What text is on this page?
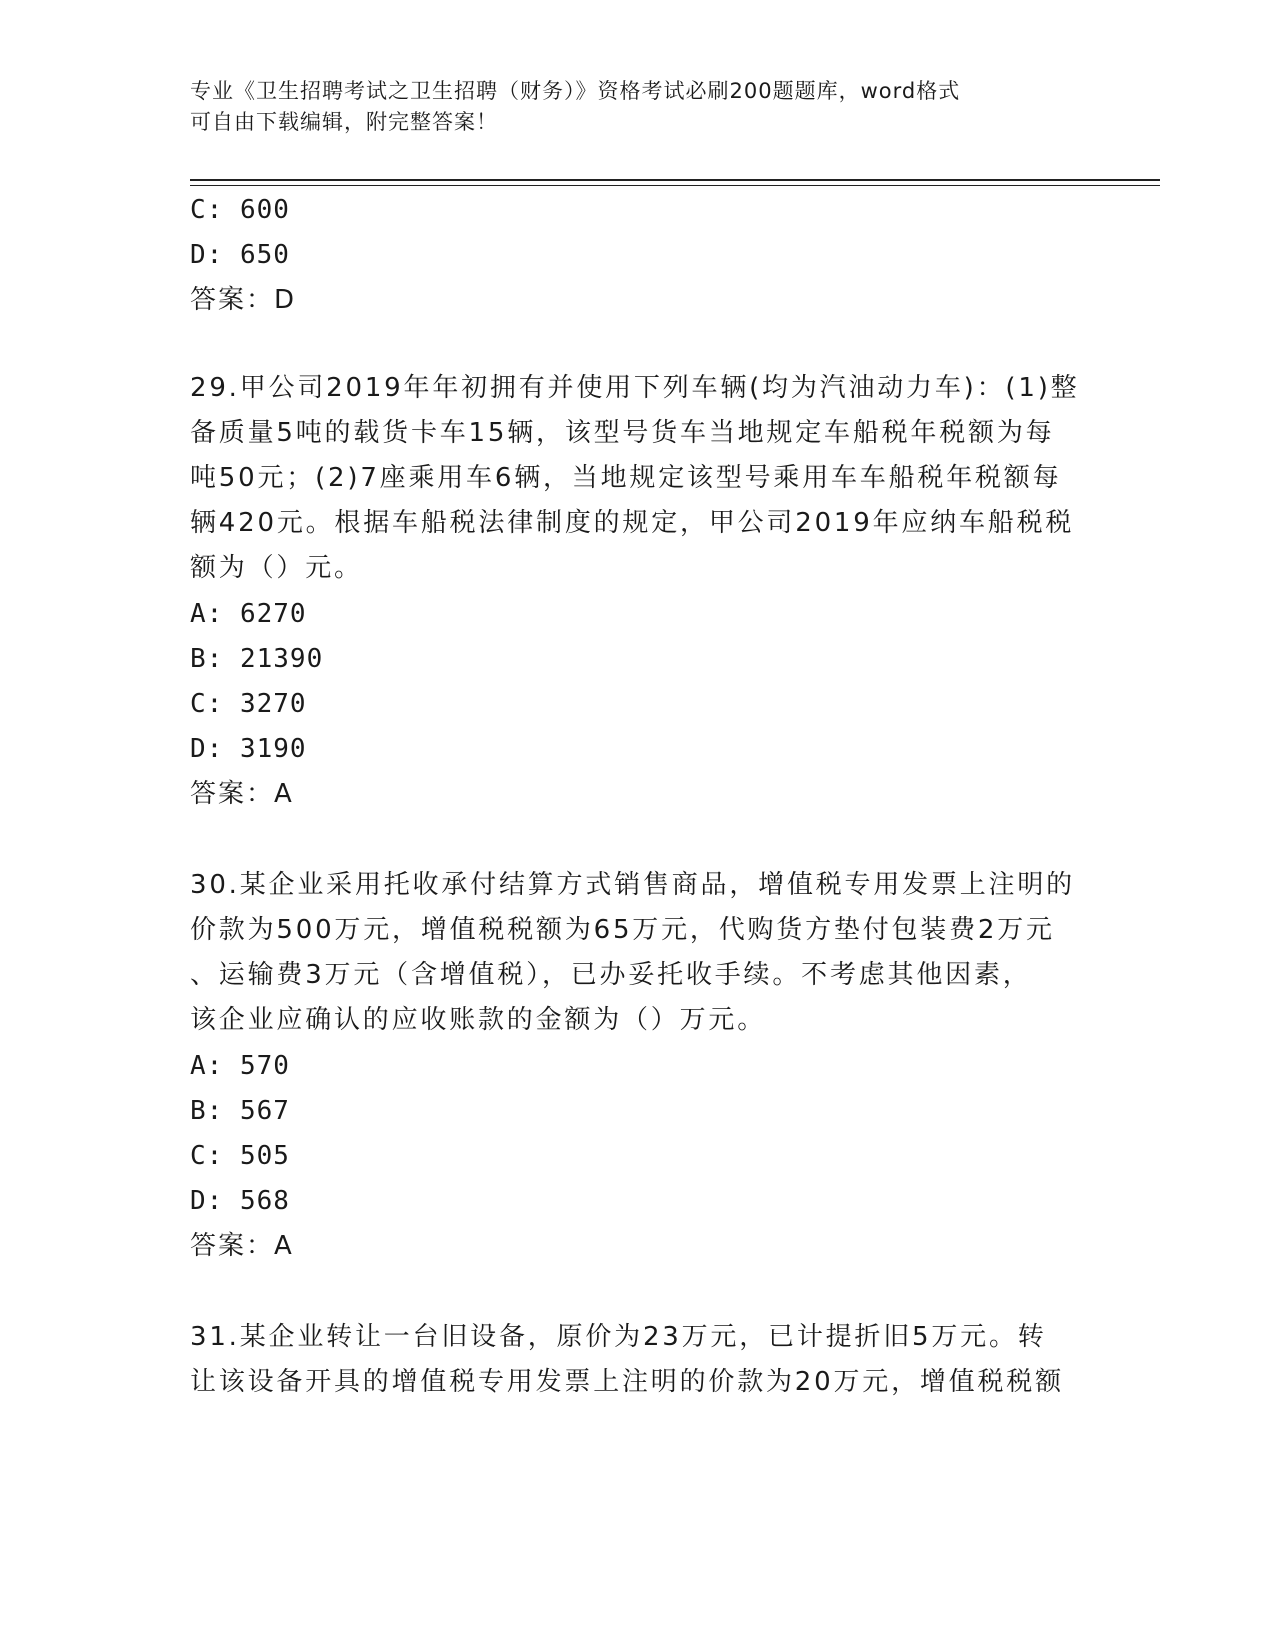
专业《卫生招聘考试之卫生招聘（财务）》资格考试必刷200题题库，word格式
可自由下载编辑，附完整答案！
C: 600
D: 650
答案：D
29.甲公司2019年年初拥有并使用下列车辆(均为汽油动力车)：(1)整
备质量5吨的载货卡车15辆，该型号货车当地规定车船税年税额为每
吨50元；(2)7座乘用车6辆，当地规定该型号乘用车车船税年税额每
辆420元。根据车船税法律制度的规定，甲公司2019年应纳车船税税
额为（）元。
A: 6270
B: 21390
C: 3270
D: 3190
答案：A
30.某企业采用托收承付结算方式销售商品，增值税专用发票上注明的
价款为500万元，增值税税额为65万元，代购货方垫付包装费2万元
、运输费3万元（含增值税），已办妥托收手续。不考虑其他因素，
该企业应确认的应收账款的金额为（）万元。
A: 570
B: 567
C: 505
D: 568
答案：A
31.某企业转让一台旧设备，原价为23万元，已计提折旧5万元。转
让该设备开具的增值税专用发票上注明的价款为20万元，增值税税额
